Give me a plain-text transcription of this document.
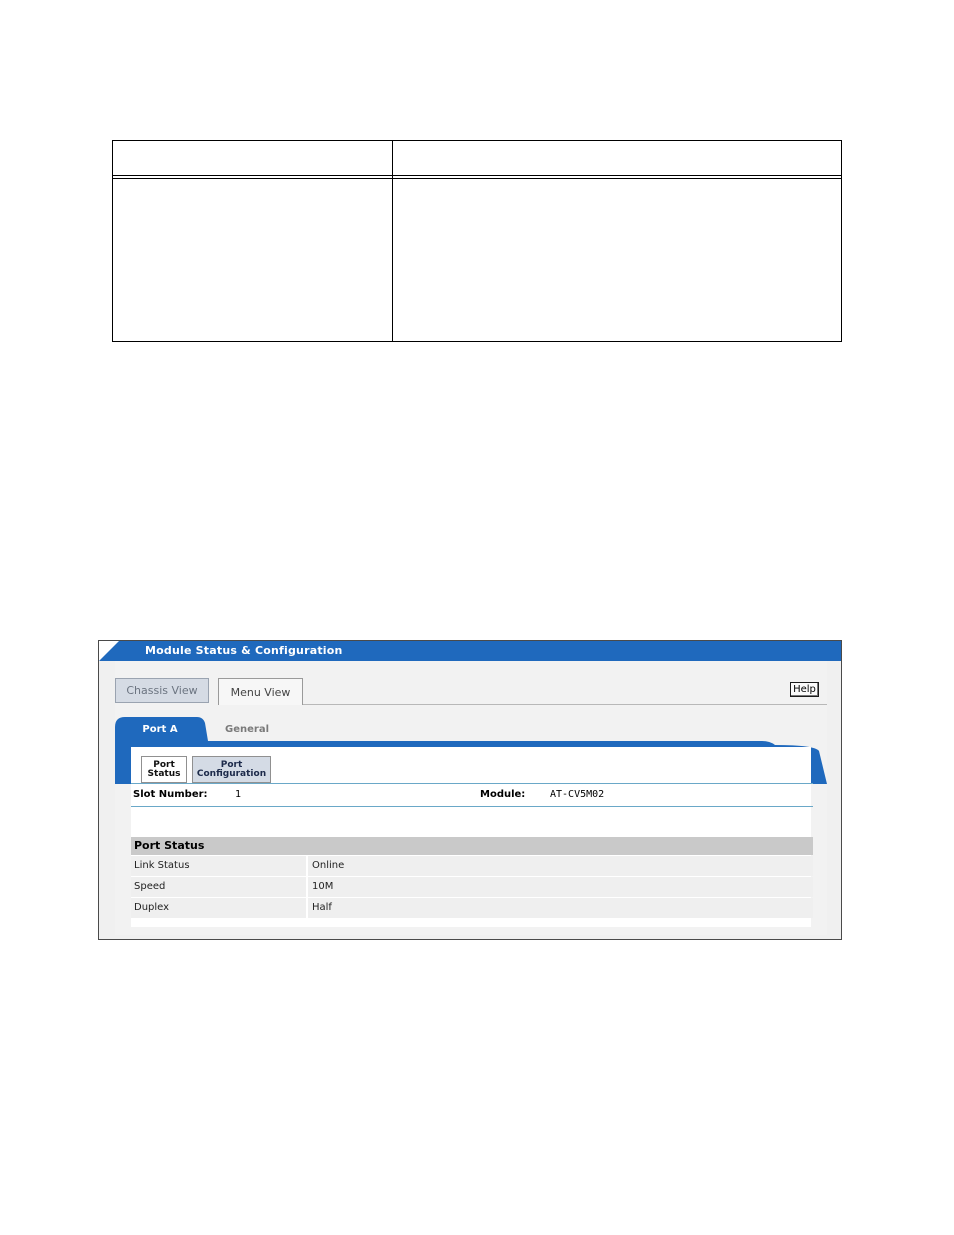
Module Status & Configuration
Chassis View	Menu View	Help
Port A	General
Port
Status
Port
Configuration
Slot Number:	1	Module: AT-CV5M02
Port Status
Link Status	Online
Speed	10M
Duplex	Half
